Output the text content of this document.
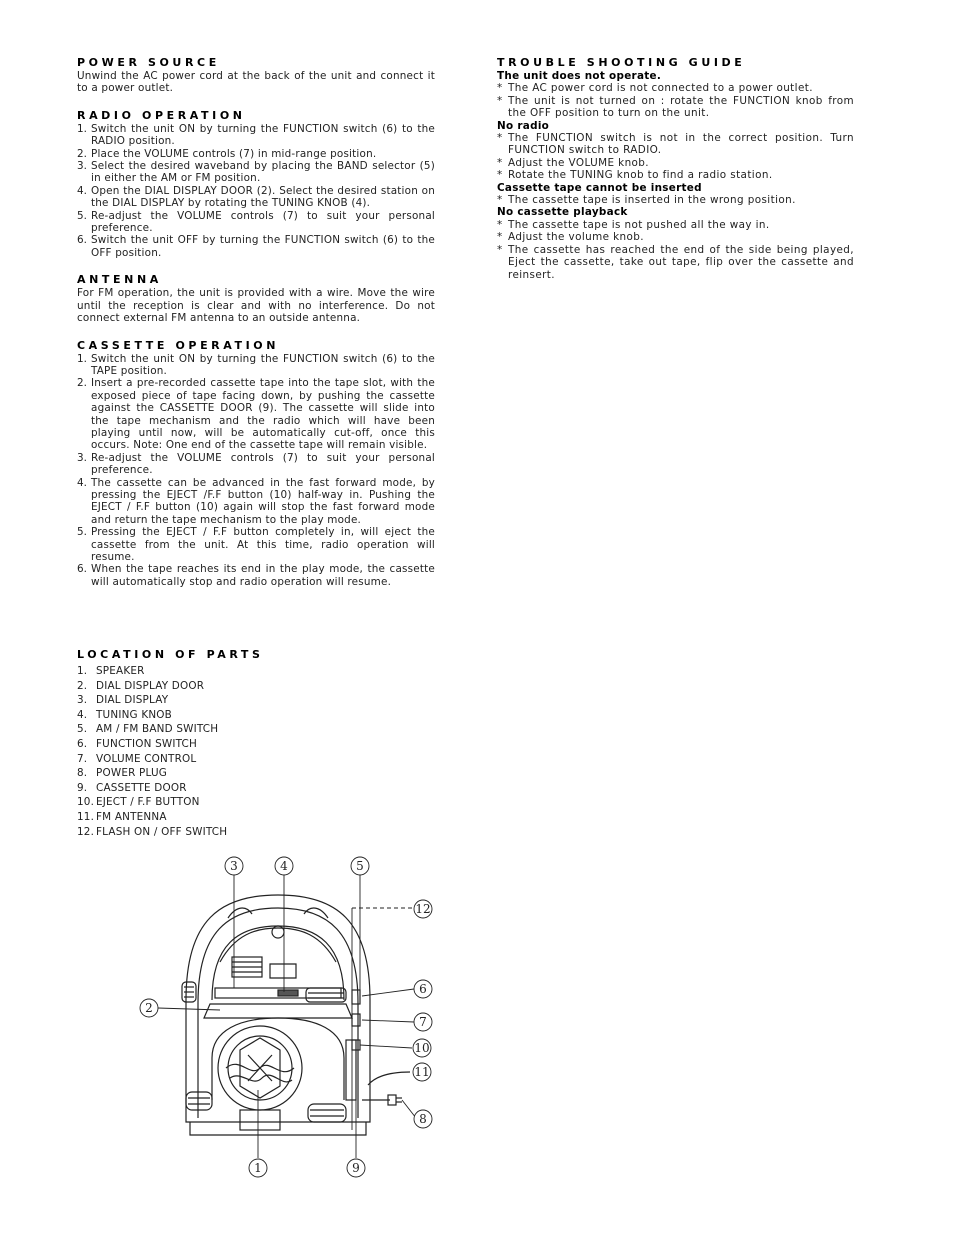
POWER SOURCE

Unwind the AC power cord at the back of the unit and connect it to a power outlet.

RADIO OPERATION
1. Switch the unit ON by turning the FUNCTION switch (6) to the RADIO position.
2. Place the VOLUME controls (7) in mid-range position.
3. Select the desired waveband by placing the BAND selector (5) in either the AM or FM position.
4. Open the DIAL DISPLAY DOOR (2). Select the desired station on the DIAL DISPLAY by rotating the TUNING KNOB (4).
5. Re-adjust the VOLUME controls (7) to suit your personal preference.
6. Switch the unit OFF by turning the FUNCTION switch (6) to the OFF position.
ANTENNA

For FM operation, the unit is provided with a wire. Move the wire until the reception is clear and with no interference. Do not connect external FM antenna to an outside antenna.

CASSETTE OPERATION
1. Switch the unit ON by turning the FUNCTION switch (6) to the TAPE position.
2. Insert a pre-recorded cassette tape into the tape slot, with the exposed piece of tape facing down, by pushing the cassette against the CASSETTE DOOR (9). The cassette will slide into the tape mechanism and the radio which will have been playing until now, will be automatically cut-off, once this occurs. Note: One end of the cassette tape will remain visible.
3. Re-adjust the VOLUME controls (7) to suit your personal preference.
4. The cassette can be advanced in the fast forward mode, by pressing the EJECT /F.F button (10) half-way in. Pushing the EJECT / F.F button (10) again will stop the fast forward mode and return the tape mechanism to the play mode.
5. Pressing the EJECT / F.F button completely in, will eject the cassette from the unit. At this time, radio operation will resume.
6. When the tape reaches its end in the play mode, the cassette will automatically stop and radio operation will resume.
TROUBLE SHOOTING GUIDE
The unit does not operate.
* The AC power cord is not connected to a power outlet.
* The unit is not turned on : rotate the FUNCTION knob from the OFF position to turn on the unit.
No radio
* The FUNCTION switch is not in the correct position. Turn FUNCTION switch to RADIO.
* Adjust the VOLUME knob.
* Rotate the TUNING knob to find a radio station.
Cassette tape cannot be inserted
* The cassette tape is inserted in the wrong position.
No cassette playback
* The cassette tape is not pushed all the way in.
* Adjust the volume knob.
* The cassette has reached the end of the side being played, Eject the cassette, take out tape, flip over the cassette and reinsert.
LOCATION OF PARTS
1. SPEAKER
2. DIAL DISPLAY DOOR
3. DIAL DISPLAY
4. TUNING KNOB
5. AM / FM BAND SWITCH
6. FUNCTION SWITCH
7. VOLUME CONTROL
8. POWER PLUG
9. CASSETTE DOOR
10. EJECT / F.F BUTTON
11. FM ANTENNA
12. FLASH ON / OFF SWITCH
1
2
3	4	5
6
7
8
9
10
11
12
